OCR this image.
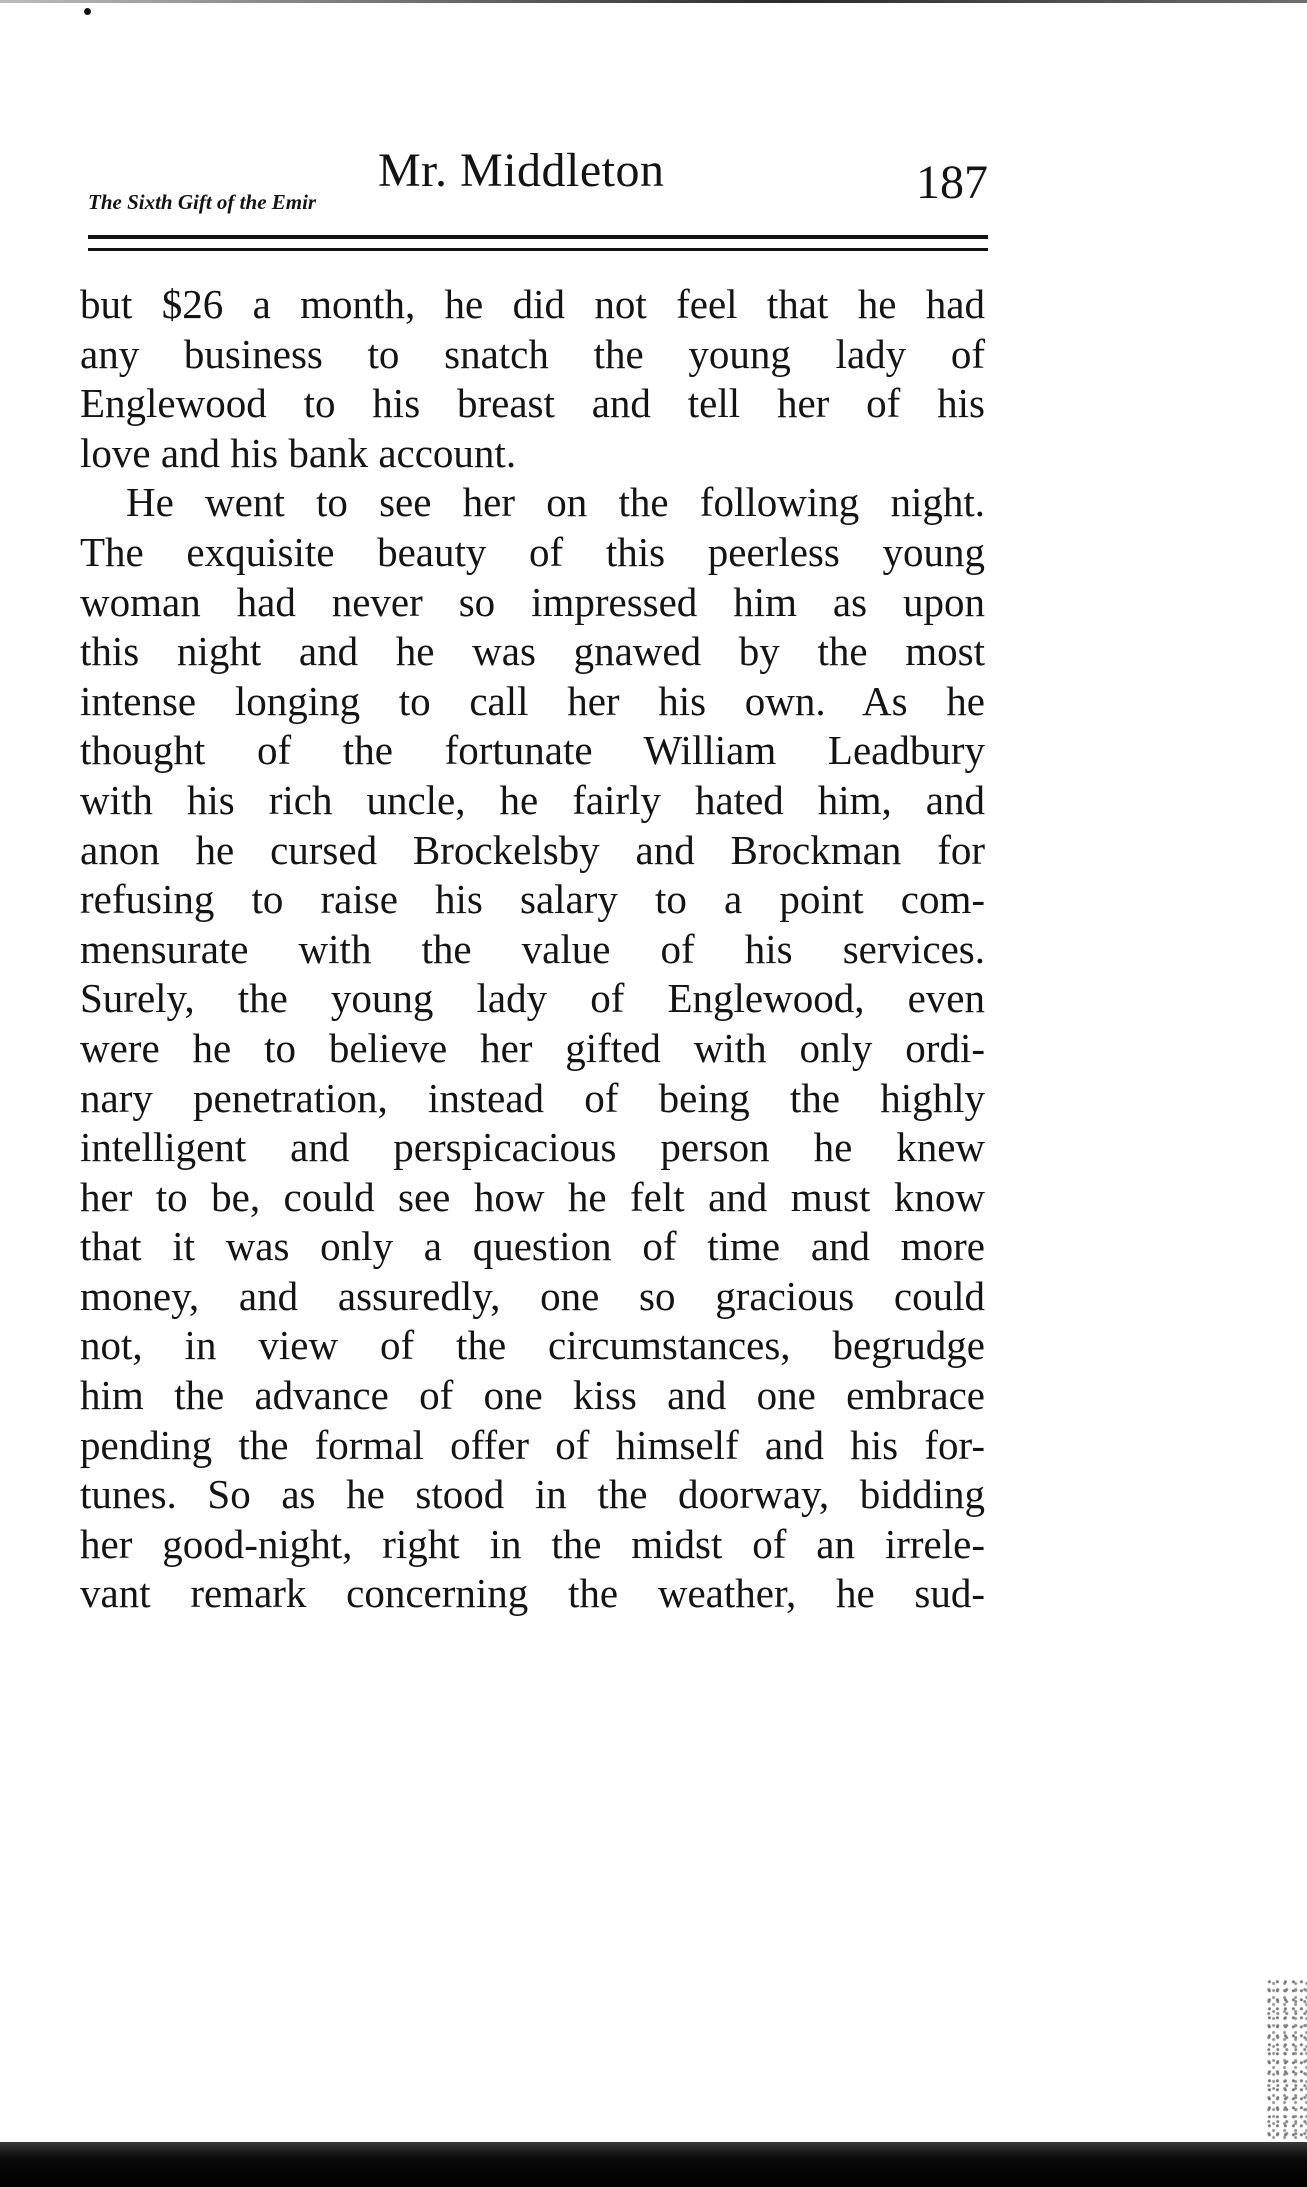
Mr. Middleton	187
The Sixth Gift of the Emir
but $26 a month, he did not feel that he had
any business to snatch the young lady of
Englewood to his breast and tell her of his
love and his bank account.
He went to see her on the following night.
The exquisite beauty of this peerless young
woman had never so impressed him as upon
this night and he was gnawed by the most
intense longing to call her his own. As he
thought of the fortunate William Leadbury
with his rich uncle, he fairly hated him, and
anon he cursed Brockelsby and Brockman for
refusing to raise his salary to a point com-
mensurate with the value of his services.
Surely, the young lady of Englewood, even
were he to believe her gifted with only ordi-
nary penetration, instead of being the highly
intelligent and perspicacious person he knew
her to be, could see how he felt and must know
that it was only a question of time and more
money, and assuredly, one so gracious could
not, in view of the circumstances, begrudge
him the advance of one kiss and one embrace
pending the formal offer of himself and his for-
tunes. So as he stood in the doorway, bidding
her good-night, right in the midst of an irrele-
vant remark concerning the weather, he sud-
